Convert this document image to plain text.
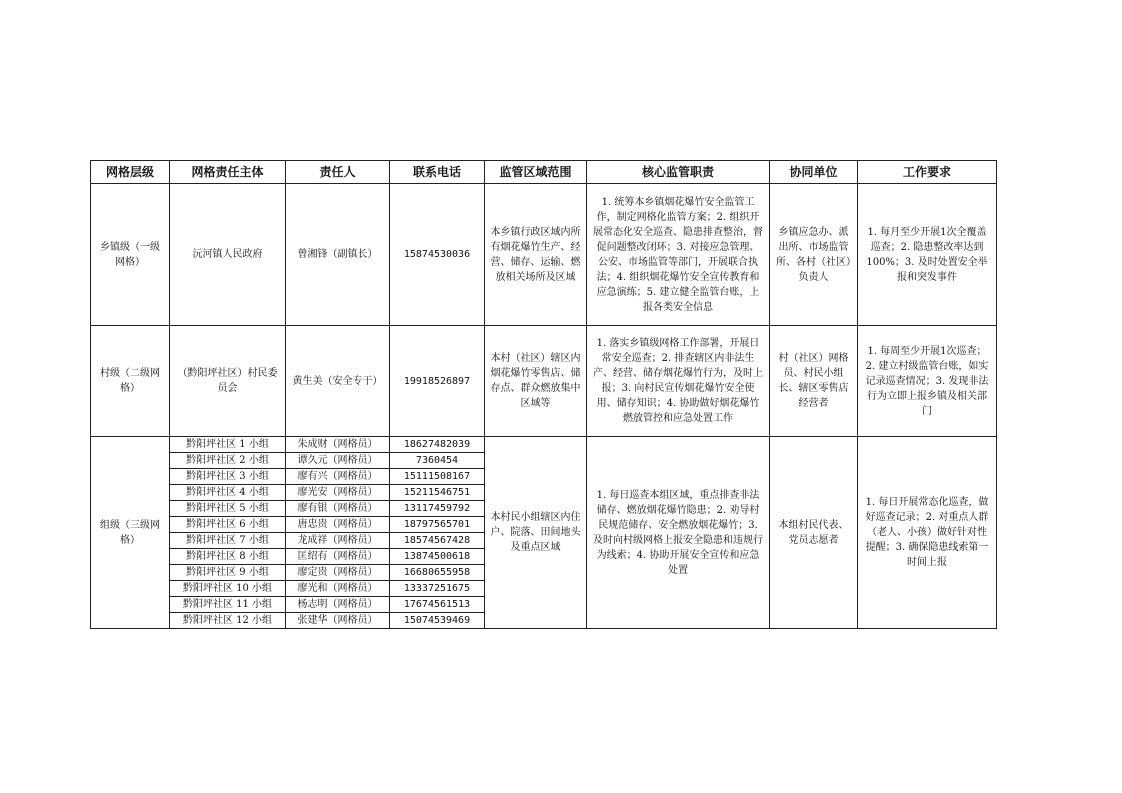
网格层级	网格责任主体	责任人	联系电话	监管区域范围	核心监管职责	协同单位	工作要求
乡镇级（一级网格）	沅河镇人民政府	曾湘锋（副镇长）	15874530036	本乡镇行政区域内所有烟花爆竹生产、经营、储存、运输、燃放相关场所及区域	1. 统筹本乡镇烟花爆竹安全监管工作，制定网格化监管方案；2. 组织开展常态化安全巡查、隐患排查整治，督促问题整改闭环；3. 对接应急管理、公安、市场监管等部门，开展联合执法；4. 组织烟花爆竹安全宣传教育和应急演练；5. 建立健全监管台账，上报各类安全信息	乡镇应急办、派出所、市场监管所、各村（社区）负责人	1. 每月至少开展1次全覆盖巡查；2. 隐患整改率达到100%；3. 及时处置安全举报和突发事件
村级（二级网格）	（黔阳坪社区）村民委员会	黄生美（安全专干）	19918526897	本村（社区）辖区内烟花爆竹零售店、储存点、群众燃放集中区域等	1. 落实乡镇级网格工作部署，开展日常安全巡查；2. 排查辖区内非法生产、经营、储存烟花爆竹行为，及时上报；3. 向村民宣传烟花爆竹安全使用、储存知识；4. 协助做好烟花爆竹燃放管控和应急处置工作	村（社区）网格员、村民小组长、辖区零售店经营者	1. 每周至少开展1次巡查；2. 建立村级监管台账，如实记录巡查情况；3. 发现非法行为立即上报乡镇及相关部门
组级（三级网格）	黔阳坪社区 1 小组	朱成财（网格员）	18627482039	本村民小组辖区内住户、院落、田间地头及重点区域	1. 每日巡查本组区域，重点排查非法储存、燃放烟花爆竹隐患；2. 劝导村民规范储存、安全燃放烟花爆竹；3. 及时向村级网格上报安全隐患和违规行为线索；4. 协助开展安全宣传和应急处置	本组村民代表、党员志愿者	1. 每日开展常态化巡查，做好巡查记录；2. 对重点人群（老人、小孩）做好针对性提醒；3. 确保隐患线索第一时间上报
	黔阳坪社区 2 小组	谭久元（网格员）	7360454				
	黔阳坪社区 3 小组	廖有兴（网格员）	15111508167				
	黔阳坪社区 4 小组	廖光安（网格员）	15211546751				
	黔阳坪社区 5 小组	廖有银（网格员）	13117459792				
	黔阳坪社区 6 小组	唐忠贵（网格员）	18797565701				
	黔阳坪社区 7 小组	龙成祥（网格员）	18574567428				
	黔阳坪社区 8 小组	匡绍有（网格员）	13874500618				
	黔阳坪社区 9 小组	廖定贵（网格员）	16680655958				
	黔阳坪社区 10 小组	廖光和（网格员）	13337251675				
	黔阳坪社区 11 小组	杨志明（网格员）	17674561513				
	黔阳坪社区 12 小组	张建华（网格员）	15074539469				
